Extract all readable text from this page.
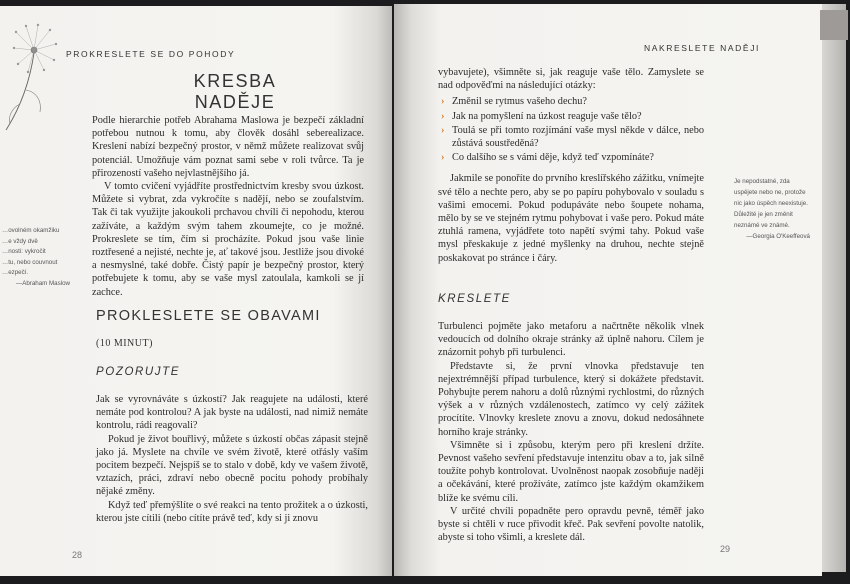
PROKRESLETE SE DO POHODY
KRESBA NADĚJE

Podle hierarchie potřeb Abrahama Maslowa je bezpečí základní potřebou nutnou k tomu, aby člověk dosáhl seberealizace. Kreslení nabízí bezpečný prostor, v němž můžete realizovat svůj potenciál. Umožňuje vám poznat sami sebe v roli tvůrce. Ta je přirozeností vašeho nejvlastnějšího já.

V tomto cvičení vyjádříte prostřednictvím kresby svou úzkost. Můžete si vybrat, zda vykročíte s nadějí, nebo se zoufalstvím. Tak či tak využijte jakoukoli prchavou chvíli či nepohodu, kterou zažíváte, a každým svým tahem zkoumejte, co je možné. Prokreslete se tím, čím si procházíte. Pokud jsou vaše linie roztřesené a nejisté, nechte je, ať takové jsou. Jestliže jsou divoké a nesmyslné, také dobře. Čistý papír je bezpečný prostor, který potřebujete k tomu, aby se vaše mysl zatoulala, kamkoli se jí zachce.

…ovolném okamžiku
…e vždy dvě
…nosti: vykročit
…tu, nebo couvnout
…ezpečí.
—Abraham Maslow
PROKLESLETE SE OBAVAMI
(10 MINUT)
POZORUJTE

Jak se vyrovnáváte s úzkostí? Jak reagujete na události, které nemáte pod kontrolou? A jak byste na události, nad nimiž nemáte kontrolu, rádi reagovali?

Pokud je život bouřlivý, můžete s úzkostí občas zápasit stejně jako já. Myslete na chvíle ve svém životě, které otřásly vaším pocitem bezpečí. Nejspíš se to stalo v době, kdy ve vašem životě, vztazích, práci, zdraví nebo obecně pocitu pohody probíhaly nějaké změny.

Když teď přemýšlíte o své reakci na tento prožitek a o úzkosti, kterou jste cítili (nebo cítíte právě teď, kdy si ji znovu

28
NAKRESLETE NADĚJI

vybavujete), všimněte si, jak reaguje vaše tělo. Zamyslete se nad odpověďmi na následující otázky:

› Změnil se rytmus vašeho dechu?
› Jak na pomyšlení na úzkost reaguje vaše tělo?
› Toulá se při tomto rozjímání vaše mysl někde v dálce, nebo zůstává soustředěná?
› Co dalšího se s vámi děje, když teď vzpomínáte?

Jakmile se ponoříte do prvního kreslířského zážitku, vnímejte své tělo a nechte pero, aby se po papíru pohybovalo v souladu s vašimi emocemi. Pokud podupáváte nebo šoupete nohama, mělo by se ve stejném rytmu pohybovat i vaše pero. Pokud máte ztuhlá ramena, vyjádřete toto napětí svými tahy. Pokud vaše mysl přeskakuje z jedné myšlenky na druhou, nechte stejně poskakovat po stránce i čáry.

KRESLETE

Turbulenci pojměte jako metaforu a načrtněte několik vlnek vedoucích od dolního okraje stránky až úplně nahoru. Cílem je znázornit pohyb při turbulenci.

Představte si, že první vlnovka představuje ten nejextrémnější případ turbulence, který si dokážete představit. Pohybujte perem nahoru a dolů různými rychlostmi, do různých výšek a v různých vzdálenostech, zatímco vy celý zážitek procítíte. Vlnovky kreslete znovu a znovu, dokud nedosáhnete horního kraje stránky.

Všimněte si i způsobu, kterým pero při kreslení držíte. Pevnost vašeho sevření představuje intenzitu obav a to, jak silně toužíte pohyb kontrolovat. Uvolněnost naopak zosobňuje naději a očekávání, které prožíváte, zatímco jste každým okamžikem blíže ke svému cíli.

V určité chvíli popadněte pero opravdu pevně, téměř jako byste si chtěli v ruce přivodit křeč. Pak sevření povolte natolik, abyste si toho všimli, a kreslete dál.

29
Je nepodstatné, zda uspějete nebo ne, protože nic jako úspěch neexistuje. Důležité je jen změnit neznámé ve známé.
—Georgia O'Keeffeová
